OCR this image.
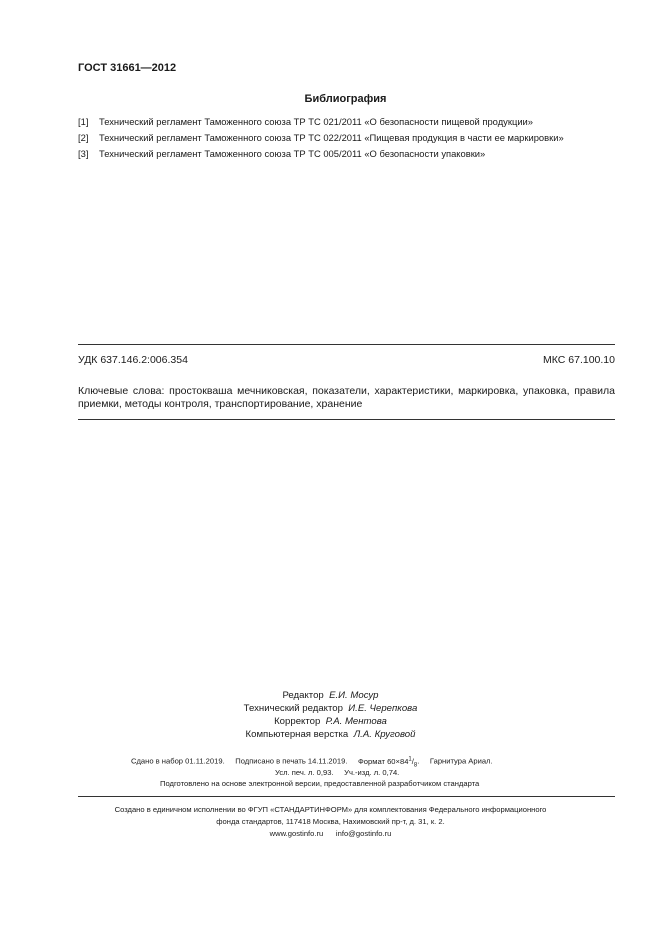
ГОСТ 31661—2012
Библиография
[1] Технический регламент Таможенного союза ТР ТС 021/2011 «О безопасности пищевой продукции»
[2] Технический регламент Таможенного союза ТР ТС 022/2011 «Пищевая продукция в части ее маркировки»
[3] Технический регламент Таможенного союза ТР ТС 005/2011 «О безопасности упаковки»
УДК 637.146.2:006.354	МКС 67.100.10
Ключевые слова: простокваша мечниковская, показатели, характеристики, маркировка, упаковка, правила приемки, методы контроля, транспортирование, хранение
Редактор Е.И. Мосур
Технический редактор И.Е. Черепкова
Корректор Р.А. Ментова
Компьютерная верстка Л.А. Круговой
Сдано в набор 01.11.2019. Подписано в печать 14.11.2019. Формат $60\times 84^1/_8$.     Гарнитура Ариал.
Усл. печ. л. 0,93. Уч.-изд. л. 0,74.
Подготовлено на основе электронной версии, предоставленной разработчиком стандарта
Создано в единичном исполнении во ФГУП «СТАНДАРТИНФОРМ» для комплектования Федерального информационного
фонда стандартов, 117418 Москва, Нахимовский пр-т, д. 31, к. 2.
www.gostinfo.ru info@gostinfo.ru
